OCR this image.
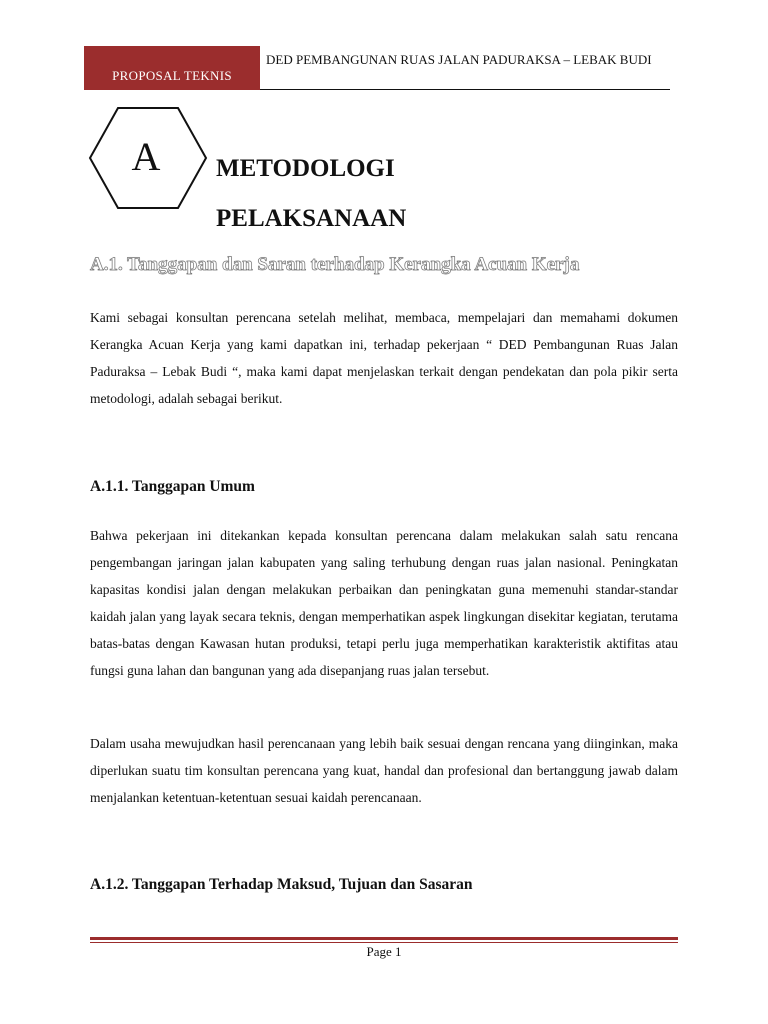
PROPOSAL TEKNIS
DED PEMBANGUNAN RUAS JALAN PADURAKSA – LEBAK BUDI
A METODOLOGI PELAKSANAAN
A.1. Tanggapan dan Saran terhadap Kerangka Acuan Kerja
Kami sebagai konsultan perencana setelah melihat, membaca, mempelajari dan memahami dokumen Kerangka Acuan Kerja yang kami dapatkan ini, terhadap pekerjaan “ DED Pembangunan Ruas Jalan Paduraksa – Lebak Budi “, maka kami dapat menjelaskan terkait dengan pendekatan dan pola pikir serta metodologi, adalah sebagai berikut.
A.1.1. Tanggapan Umum
Bahwa pekerjaan ini ditekankan kepada konsultan perencana dalam melakukan salah satu rencana pengembangan jaringan jalan kabupaten yang saling terhubung dengan ruas jalan nasional. Peningkatan kapasitas kondisi jalan dengan melakukan perbaikan dan peningkatan guna memenuhi standar-standar kaidah jalan yang layak secara teknis, dengan memperhatikan aspek lingkungan disekitar kegiatan, terutama batas-batas dengan Kawasan hutan produksi, tetapi perlu juga memperhatikan karakteristik aktifitas atau fungsi guna lahan dan bangunan yang ada disepanjang ruas jalan tersebut.
Dalam usaha mewujudkan hasil perencanaan yang lebih baik sesuai dengan rencana yang diinginkan, maka diperlukan suatu tim konsultan perencana yang kuat, handal dan profesional dan bertanggung jawab dalam menjalankan ketentuan-ketentuan sesuai kaidah perencanaan.
A.1.2. Tanggapan Terhadap Maksud, Tujuan dan Sasaran
Page 1
